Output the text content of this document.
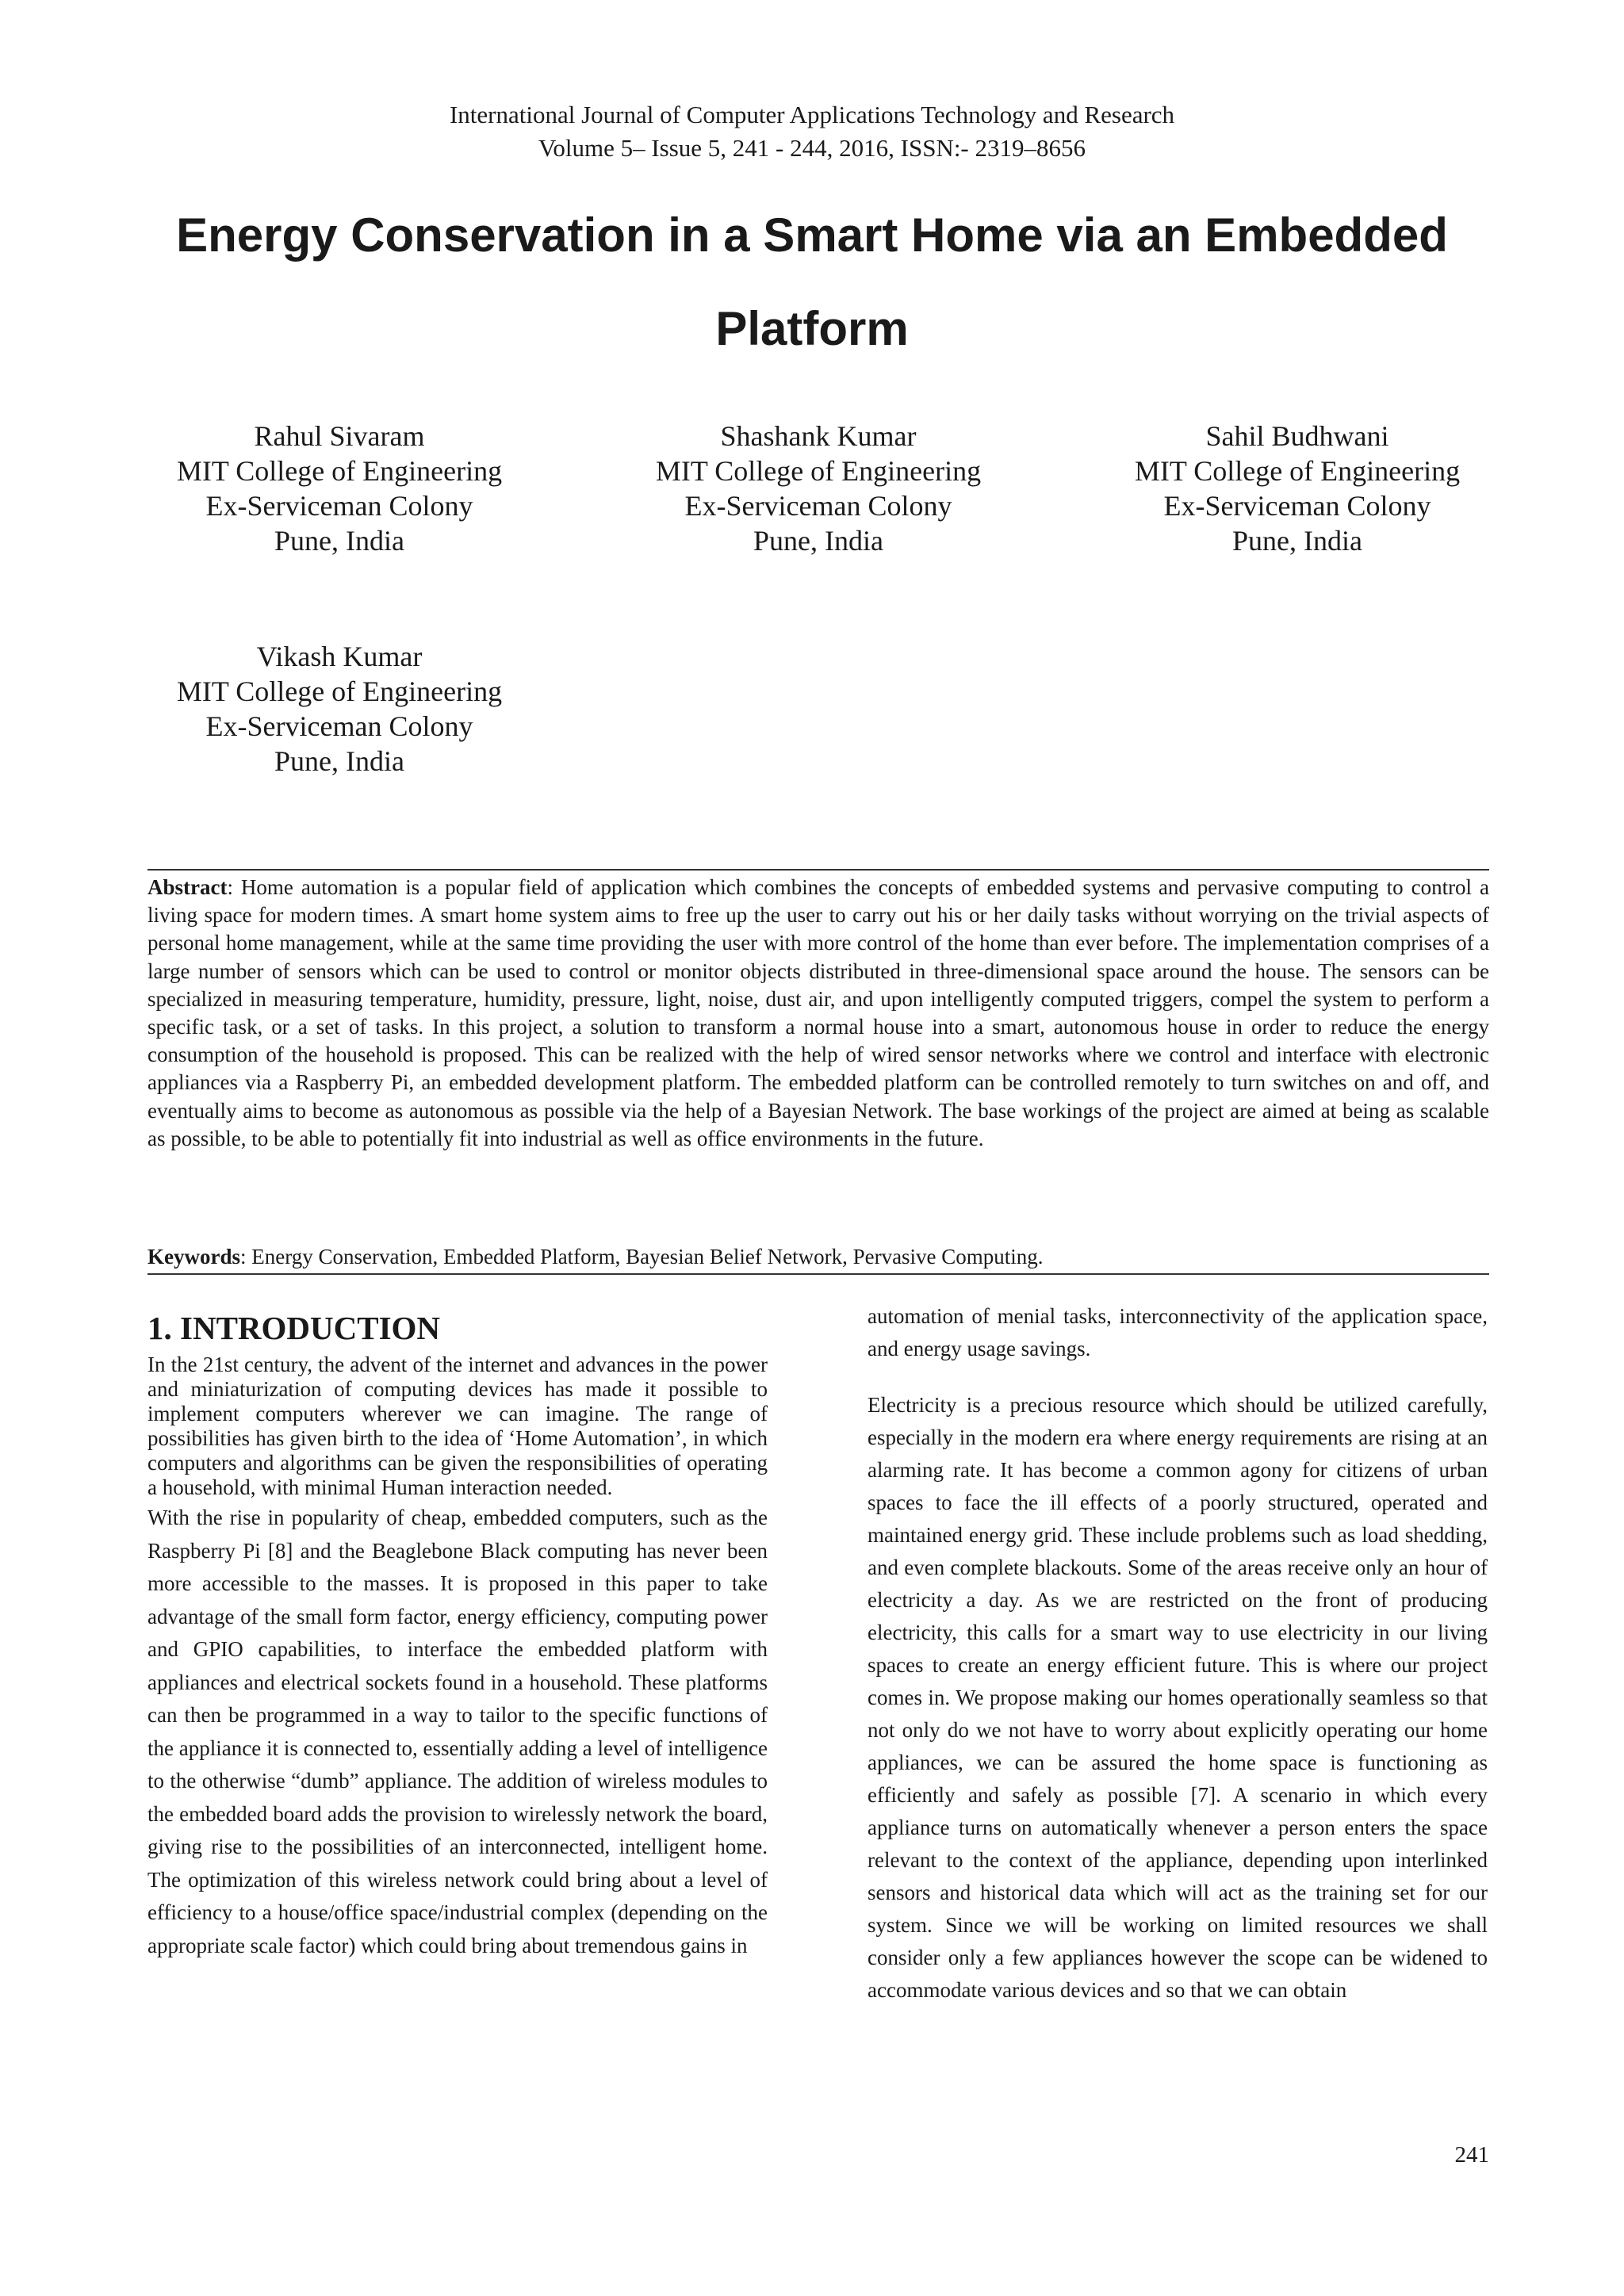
International Journal of Computer Applications Technology and Research
Volume 5– Issue 5, 241 - 244, 2016, ISSN:- 2319–8656
Energy Conservation in a Smart Home via an Embedded Platform
Rahul Sivaram
MIT College of Engineering
Ex-Serviceman Colony
Pune, India
Shashank Kumar
MIT College of Engineering
Ex-Serviceman Colony
Pune, India
Sahil Budhwani
MIT College of Engineering
Ex-Serviceman Colony
Pune, India
Vikash Kumar
MIT College of Engineering
Ex-Serviceman Colony
Pune, India

Abstract: Home automation is a popular field of application which combines the concepts of embedded systems and pervasive computing to control a living space for modern times. A smart home system aims to free up the user to carry out his or her daily tasks without worrying on the trivial aspects of personal home management, while at the same time providing the user with more control of the home than ever before. The implementation comprises of a large number of sensors which can be used to control or monitor objects distributed in three-dimensional space around the house. The sensors can be specialized in measuring temperature, humidity, pressure, light, noise, dust air, and upon intelligently computed triggers, compel the system to perform a specific task, or a set of tasks. In this project, a solution to transform a normal house into a smart, autonomous house in order to reduce the energy consumption of the household is proposed. This can be realized with the help of wired sensor networks where we control and interface with electronic appliances via a Raspberry Pi, an embedded development platform. The embedded platform can be controlled remotely to turn switches on and off, and eventually aims to become as autonomous as possible via the help of a Bayesian Network. The base workings of the project are aimed at being as scalable as possible, to be able to potentially fit into industrial as well as office environments in the future.

Keywords: Energy Conservation, Embedded Platform, Bayesian Belief Network, Pervasive Computing.

1. INTRODUCTION

In the 21st century, the advent of the internet and advances in the power and miniaturization of computing devices has made it possible to implement computers wherever we can imagine. The range of possibilities has given birth to the idea of ‘Home Automation’, in which computers and algorithms can be given the responsibilities of operating a household, with minimal Human interaction needed.

With the rise in popularity of cheap, embedded computers, such as the Raspberry Pi [8] and the Beaglebone Black computing has never been more accessible to the masses. It is proposed in this paper to take advantage of the small form factor, energy efficiency, computing power and GPIO capabilities, to interface the embedded platform with appliances and electrical sockets found in a household. These platforms can then be programmed in a way to tailor to the specific functions of the appliance it is connected to, essentially adding a level of intelligence to the otherwise “dumb” appliance. The addition of wireless modules to the embedded board adds the provision to wirelessly network the board, giving rise to the possibilities of an interconnected, intelligent home. The optimization of this wireless network could bring about a level of efficiency to a house/office space/industrial complex (depending on the appropriate scale factor) which could bring about tremendous gains in

automation of menial tasks, interconnectivity of the application space, and energy usage savings.

Electricity is a precious resource which should be utilized carefully, especially in the modern era where energy requirements are rising at an alarming rate. It has become a common agony for citizens of urban spaces to face the ill effects of a poorly structured, operated and maintained energy grid. These include problems such as load shedding, and even complete blackouts. Some of the areas receive only an hour of electricity a day. As we are restricted on the front of producing electricity, this calls for a smart way to use electricity in our living spaces to create an energy efficient future. This is where our project comes in. We propose making our homes operationally seamless so that not only do we not have to worry about explicitly operating our home appliances, we can be assured the home space is functioning as efficiently and safely as possible [7]. A scenario in which every appliance turns on automatically whenever a person enters the space relevant to the context of the appliance, depending upon interlinked sensors and historical data which will act as the training set for our system. Since we will be working on limited resources we shall consider only a few appliances however the scope can be widened to accommodate various devices and so that we can obtain

241
